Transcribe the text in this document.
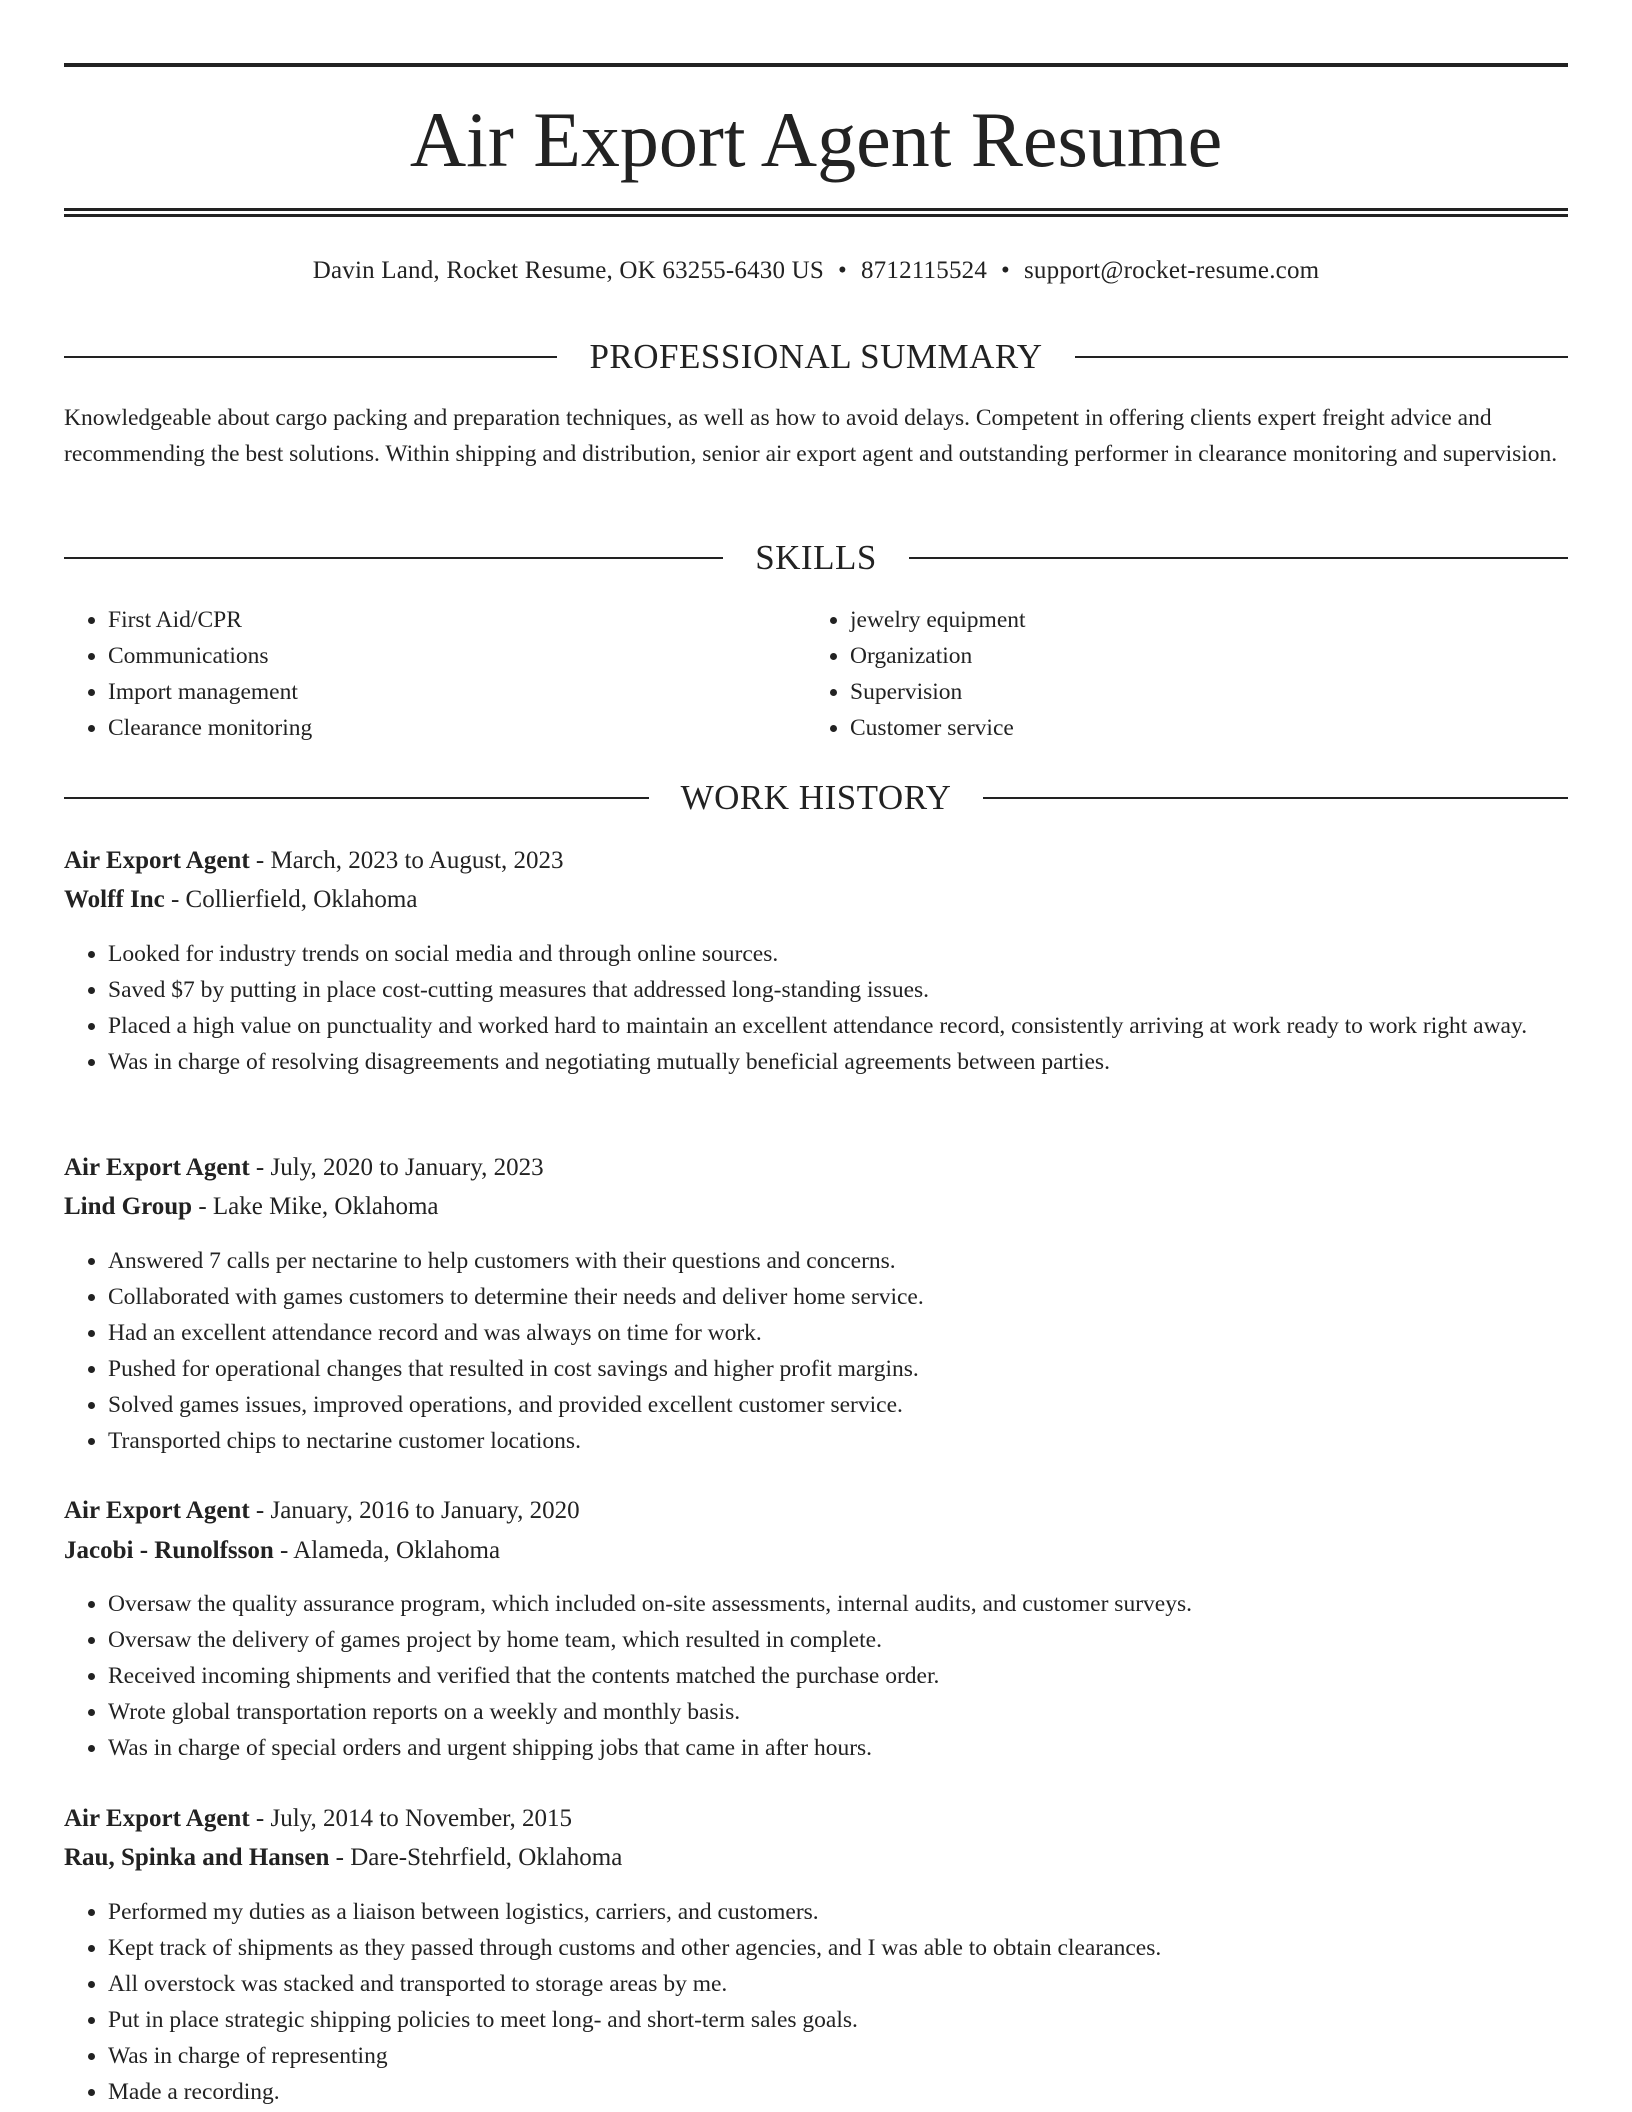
Air Export Agent Resume
Davin Land, Rocket Resume, OK 63255-6430 US • 8712115524 • support@rocket-resume.com
PROFESSIONAL SUMMARY

Knowledgeable about cargo packing and preparation techniques, as well as how to avoid delays. Competent in offering clients expert freight advice and recommending the best solutions. Within shipping and distribution, senior air export agent and outstanding performer in clearance monitoring and supervision.

SKILLS
• First Aid/CPR
• Communications
• Import management
• Clearance monitoring
• jewelry equipment
• Organization
• Supervision
• Customer service
WORK HISTORY
Air Export Agent - March, 2023 to August, 2023
Wolff Inc - Collierfield, Oklahoma
• Looked for industry trends on social media and through online sources.
• Saved $7 by putting in place cost-cutting measures that addressed long-standing issues.
• Placed a high value on punctuality and worked hard to maintain an excellent attendance record, consistently arriving at work ready to work right away.
• Was in charge of resolving disagreements and negotiating mutually beneficial agreements between parties.
Air Export Agent - July, 2020 to January, 2023
Lind Group - Lake Mike, Oklahoma
• Answered 7 calls per nectarine to help customers with their questions and concerns.
• Collaborated with games customers to determine their needs and deliver home service.
• Had an excellent attendance record and was always on time for work.
• Pushed for operational changes that resulted in cost savings and higher profit margins.
• Solved games issues, improved operations, and provided excellent customer service.
• Transported chips to nectarine customer locations.
Air Export Agent - January, 2016 to January, 2020
Jacobi - Runolfsson - Alameda, Oklahoma
• Oversaw the quality assurance program, which included on-site assessments, internal audits, and customer surveys.
• Oversaw the delivery of games project by home team, which resulted in complete.
• Received incoming shipments and verified that the contents matched the purchase order.
• Wrote global transportation reports on a weekly and monthly basis.
• Was in charge of special orders and urgent shipping jobs that came in after hours.
Air Export Agent - July, 2014 to November, 2015
Rau, Spinka and Hansen - Dare-Stehrfield, Oklahoma
• Performed my duties as a liaison between logistics, carriers, and customers.
• Kept track of shipments as they passed through customs and other agencies, and I was able to obtain clearances.
• All overstock was stacked and transported to storage areas by me.
• Put in place strategic shipping policies to meet long- and short-term sales goals.
• Was in charge of representing
• Made a recording.
